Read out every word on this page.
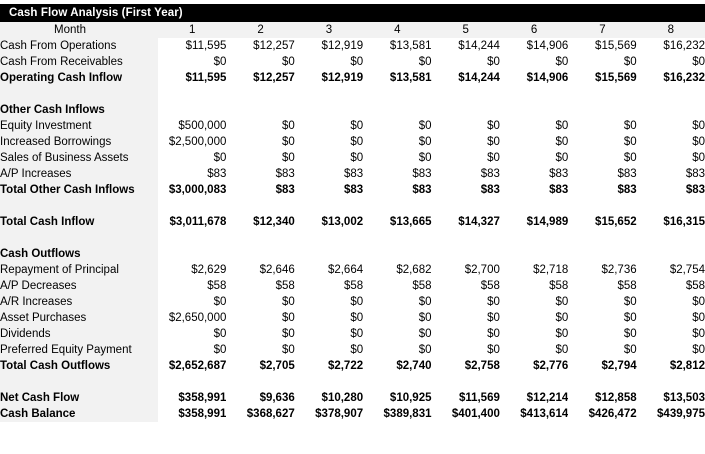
Cash Flow Analysis (First Year)
Month	1	2	3	4	5	6	7	8
Cash From Operations	$11,595	$12,257	$12,919	$13,581	$14,244	$14,906	$15,569	$16,232
Cash From Receivables	$0	$0	$0	$0	$0	$0	$0	$0
Operating Cash Inflow	$11,595	$12,257	$12,919	$13,581	$14,244	$14,906	$15,569	$16,232

Other Cash Inflows								
Equity Investment	$500,000	$0	$0	$0	$0	$0	$0	$0
Increased Borrowings	$2,500,000	$0	$0	$0	$0	$0	$0	$0
Sales of Business Assets	$0	$0	$0	$0	$0	$0	$0	$0
A/P Increases	$83	$83	$83	$83	$83	$83	$83	$83
Total Other Cash Inflows	$3,000,083	$83	$83	$83	$83	$83	$83	$83

Total Cash Inflow	$3,011,678	$12,340	$13,002	$13,665	$14,327	$14,989	$15,652	$16,315

Cash Outflows								
Repayment of Principal	$2,629	$2,646	$2,664	$2,682	$2,700	$2,718	$2,736	$2,754
A/P Decreases	$58	$58	$58	$58	$58	$58	$58	$58
A/R Increases	$0	$0	$0	$0	$0	$0	$0	$0
Asset Purchases	$2,650,000	$0	$0	$0	$0	$0	$0	$0
Dividends	$0	$0	$0	$0	$0	$0	$0	$0
Preferred Equity Payment	$0	$0	$0	$0	$0	$0	$0	$0
Total Cash Outflows	$2,652,687	$2,705	$2,722	$2,740	$2,758	$2,776	$2,794	$2,812

Net Cash Flow	$358,991	$9,636	$10,280	$10,925	$11,569	$12,214	$12,858	$13,503
Cash Balance	$358,991	$368,627	$378,907	$389,831	$401,400	$413,614	$426,472	$439,975
